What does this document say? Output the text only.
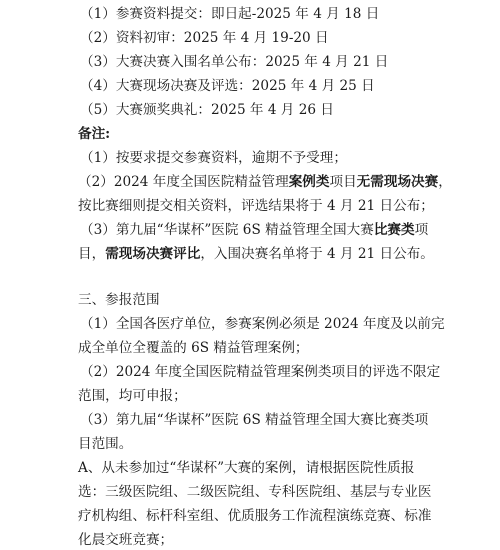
（1）参赛资料提交：即日起-2025 年 4 月 18 日
（2）资料初审：2025 年 4 月 19-20 日
（3）大赛决赛入围名单公布：2025 年 4 月 21 日
（4）大赛现场决赛及评选：2025 年 4 月 25 日
（5）大赛颁奖典礼：2025 年 4 月 26 日
备注:
（1）按要求提交参赛资料，逾期不予受理；
（2）2024 年度全国医院精益管理案例类项目无需现场决赛，
按比赛细则提交相关资料，评选结果将于 4 月 21 日公布；
（3）第九届“华谋杯”医院 6S 精益管理全国大赛比赛类项
目，需现场决赛评比，入围决赛名单将于 4 月 21 日公布。
三、参报范围
（1）全国各医疗单位，参赛案例必须是 2024 年度及以前完
成全单位全覆盖的 6S 精益管理案例；
（2）2024 年度全国医院精益管理案例类项目的评选不限定
范围，均可申报；
（3）第九届“华谋杯”医院 6S 精益管理全国大赛比赛类项
目范围。
A、从未参加过“华谋杯”大赛的案例，请根据医院性质报
选：三级医院组、二级医院组、专科医院组、基层与专业医
疗机构组、标杆科室组、优质服务工作流程演练竞赛、标准
化晨交班竞赛；
